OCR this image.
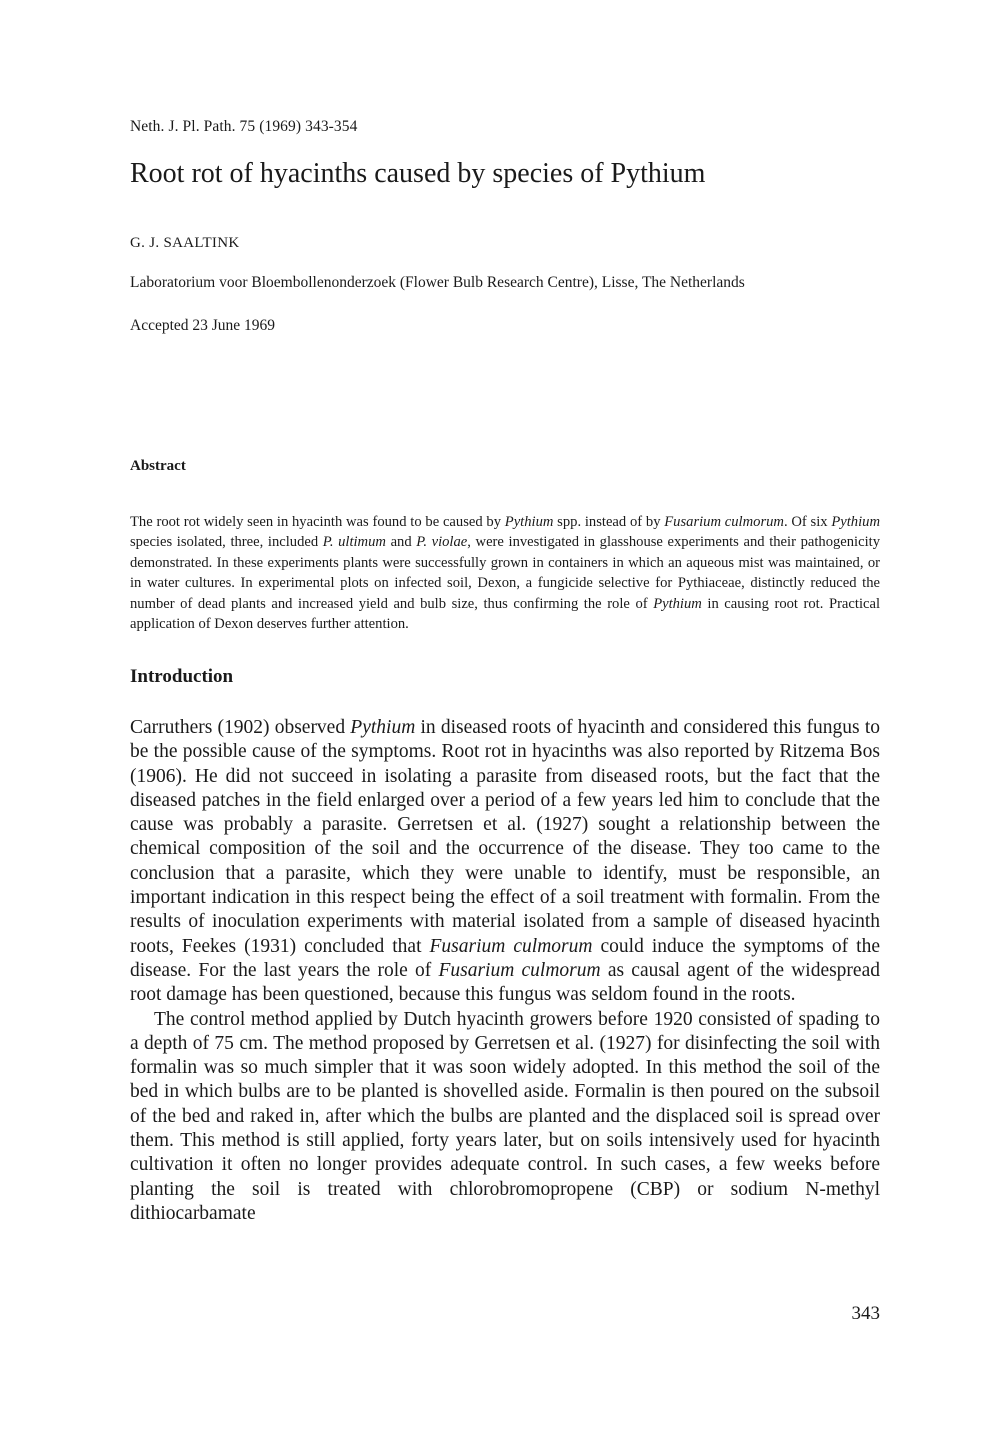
Neth. J. Pl. Path. 75 (1969) 343-354
Root rot of hyacinths caused by species of Pythium
G. J. SAALTINK
Laboratorium voor Bloembollenonderzoek (Flower Bulb Research Centre), Lisse, The Netherlands
Accepted 23 June 1969
Abstract

The root rot widely seen in hyacinth was found to be caused by Pythium spp. instead of by Fusarium culmorum. Of six Pythium species isolated, three, included P. ultimum and P. violae, were investigated in glasshouse experiments and their pathogenicity demonstrated. In these experiments plants were successfully grown in containers in which an aqueous mist was maintained, or in water cultures. In experimental plots on infected soil, Dexon, a fungicide selective for Pythiaceae, distinctly reduced the number of dead plants and increased yield and bulb size, thus confirming the role of Pythium in causing root rot. Practical application of Dexon deserves further attention.

Introduction

Carruthers (1902) observed Pythium in diseased roots of hyacinth and considered this fungus to be the possible cause of the symptoms. Root rot in hyacinths was also reported by Ritzema Bos (1906). He did not succeed in isolating a parasite from diseased roots, but the fact that the diseased patches in the field enlarged over a period of a few years led him to conclude that the cause was probably a parasite. Gerretsen et al. (1927) sought a relationship between the chemical composition of the soil and the occurrence of the disease. They too came to the conclusion that a parasite, which they were unable to identify, must be responsible, an important indication in this respect being the effect of a soil treatment with formalin. From the results of inoculation experiments with material isolated from a sample of diseased hyacinth roots, Feekes (1931) concluded that Fusarium culmorum could induce the symptoms of the disease. For the last years the role of Fusarium culmorum as causal agent of the widespread root damage has been questioned, because this fungus was seldom found in the roots.

The control method applied by Dutch hyacinth growers before 1920 consisted of spading to a depth of 75 cm. The method proposed by Gerretsen et al. (1927) for disinfecting the soil with formalin was so much simpler that it was soon widely adopted. In this method the soil of the bed in which bulbs are to be planted is shovelled aside. Formalin is then poured on the subsoil of the bed and raked in, after which the bulbs are planted and the displaced soil is spread over them. This method is still applied, forty years later, but on soils intensively used for hyacinth cultivation it often no longer provides adequate control. In such cases, a few weeks before planting the soil is treated with chlorobromopropene (CBP) or sodium N-methyl dithiocarbamate

343
